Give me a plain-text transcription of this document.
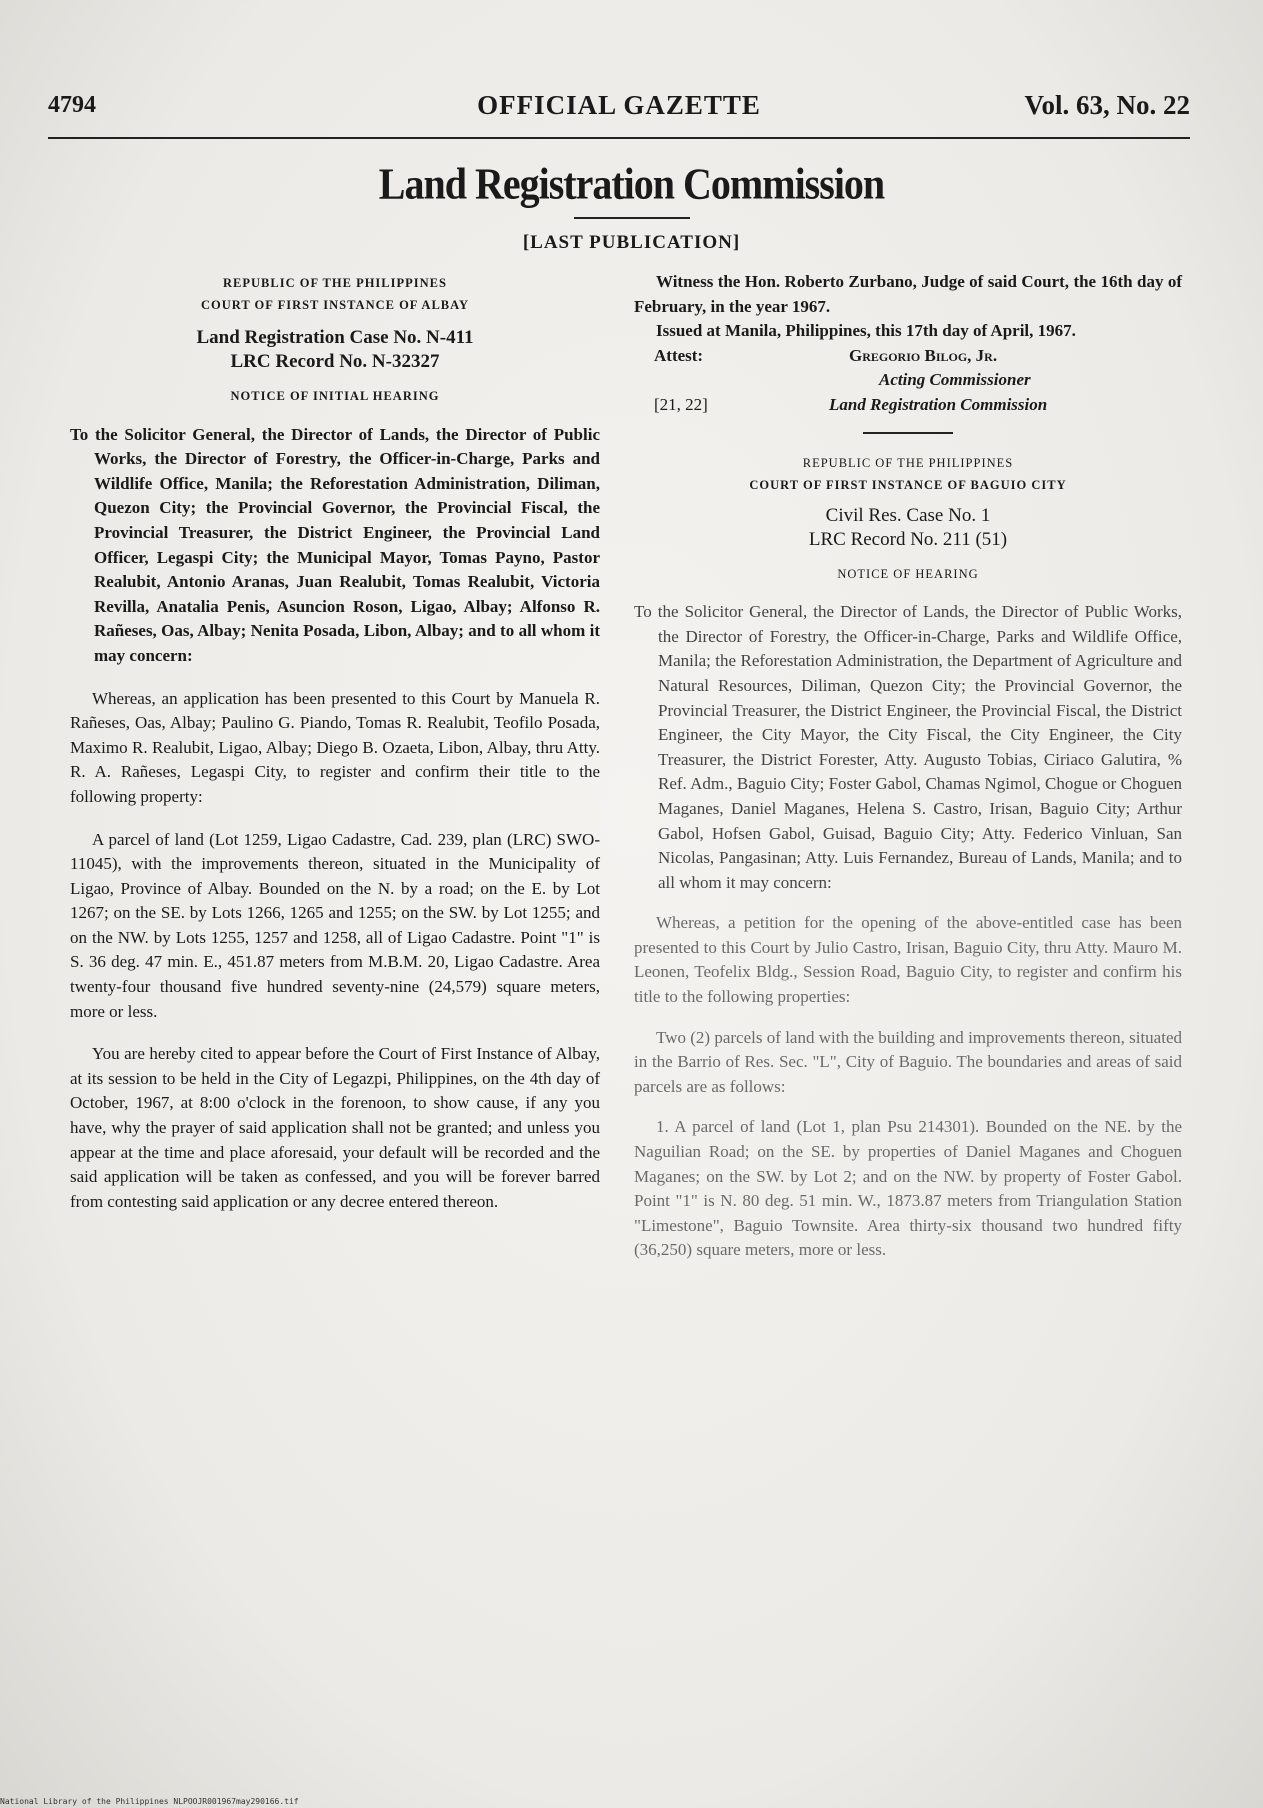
4794	OFFICIAL GAZETTE	Vol. 63, No. 22
Land Registration Commission
[LAST PUBLICATION]
REPUBLIC OF THE PHILIPPINES
COURT OF FIRST INSTANCE OF ALBAY
Land Registration Case No. N-411
LRC Record No. N-32327
NOTICE OF INITIAL HEARING

To the Solicitor General, the Director of Lands, the Director of Public Works, the Director of Forestry, the Officer-in-Charge, Parks and Wildlife Office, Manila; the Reforestation Administration, Diliman, Quezon City; the Provincial Governor, the Provincial Fiscal, the Provincial Treasurer, the District Engineer, the Provincial Land Officer, Legaspi City; the Municipal Mayor, Tomas Payno, Pastor Realubit, Antonio Aranas, Juan Realubit, Tomas Realubit, Victoria Revilla, Anatalia Penis, Asuncion Roson, Ligao, Albay; Alfonso R. Rañeses, Oas, Albay; Nenita Posada, Libon, Albay; and to all whom it may concern:

Whereas, an application has been presented to this Court by Manuela R. Rañeses, Oas, Albay; Paulino G. Piando, Tomas R. Realubit, Teofilo Posada, Maximo R. Realubit, Ligao, Albay; Diego B. Ozaeta, Libon, Albay, thru Atty. R. A. Rañeses, Legaspi City, to register and confirm their title to the following property:

A parcel of land (Lot 1259, Ligao Cadastre, Cad. 239, plan (LRC) SWO-11045), with the improvements thereon, situated in the Municipality of Ligao, Province of Albay. Bounded on the N. by a road; on the E. by Lot 1267; on the SE. by Lots 1266, 1265 and 1255; on the SW. by Lot 1255; and on the NW. by Lots 1255, 1257 and 1258, all of Ligao Cadastre. Point "1" is S. 36 deg. 47 min. E., 451.87 meters from M.B.M. 20, Ligao Cadastre. Area twenty-four thousand five hundred seventy-nine (24,579) square meters, more or less.

You are hereby cited to appear before the Court of First Instance of Albay, at its session to be held in the City of Legazpi, Philippines, on the 4th day of October, 1967, at 8:00 o'clock in the forenoon, to show cause, if any you have, why the prayer of said application shall not be granted; and unless you appear at the time and place aforesaid, your default will be recorded and the said application will be taken as confessed, and you will be forever barred from contesting said application or any decree entered thereon.

Witness the Hon. Roberto Zurbano, Judge of said Court, the 16th day of February, in the year 1967.

Issued at Manila, Philippines, this 17th day of April, 1967.

Attest:	Gregorio Bilog, Jr.
Acting Commissioner
[21, 22]	Land Registration Commission
REPUBLIC OF THE PHILIPPINES
COURT OF FIRST INSTANCE OF BAGUIO CITY
Civil Res. Case No. 1
LRC Record No. 211 (51)
NOTICE OF HEARING

To the Solicitor General, the Director of Lands, the Director of Public Works, the Director of Forestry, the Officer-in-Charge, Parks and Wildlife Office, Manila; the Reforestation Administration, the Department of Agriculture and Natural Resources, Diliman, Quezon City; the Provincial Governor, the Provincial Treasurer, the District Engineer, the Provincial Fiscal, the District Engineer, the City Mayor, the City Fiscal, the City Engineer, the City Treasurer, the District Forester, Atty. Augusto Tobias, Ciriaco Galutira, % Ref. Adm., Baguio City; Foster Gabol, Chamas Ngimol, Chogue or Choguen Maganes, Daniel Maganes, Helena S. Castro, Irisan, Baguio City; Arthur Gabol, Hofsen Gabol, Guisad, Baguio City; Atty. Federico Vinluan, San Nicolas, Pangasinan; Atty. Luis Fernandez, Bureau of Lands, Manila; and to all whom it may concern:

Whereas, a petition for the opening of the above-entitled case has been presented to this Court by Julio Castro, Irisan, Baguio City, thru Atty. Mauro M. Leonen, Teofelix Bldg., Session Road, Baguio City, to register and confirm his title to the following properties:

Two (2) parcels of land with the building and improvements thereon, situated in the Barrio of Res. Sec. "L", City of Baguio. The boundaries and areas of said parcels are as follows:

1. A parcel of land (Lot 1, plan Psu 214301). Bounded on the NE. by the Naguilian Road; on the SE. by properties of Daniel Maganes and Choguen Maganes; on the SW. by Lot 2; and on the NW. by property of Foster Gabol. Point "1" is N. 80 deg. 51 min. W., 1873.87 meters from Triangulation Station "Limestone", Baguio Townsite. Area thirty-six thousand two hundred fifty (36,250) square meters, more or less.

National Library of the Philippines NLPOOJR001967may290166.tif
